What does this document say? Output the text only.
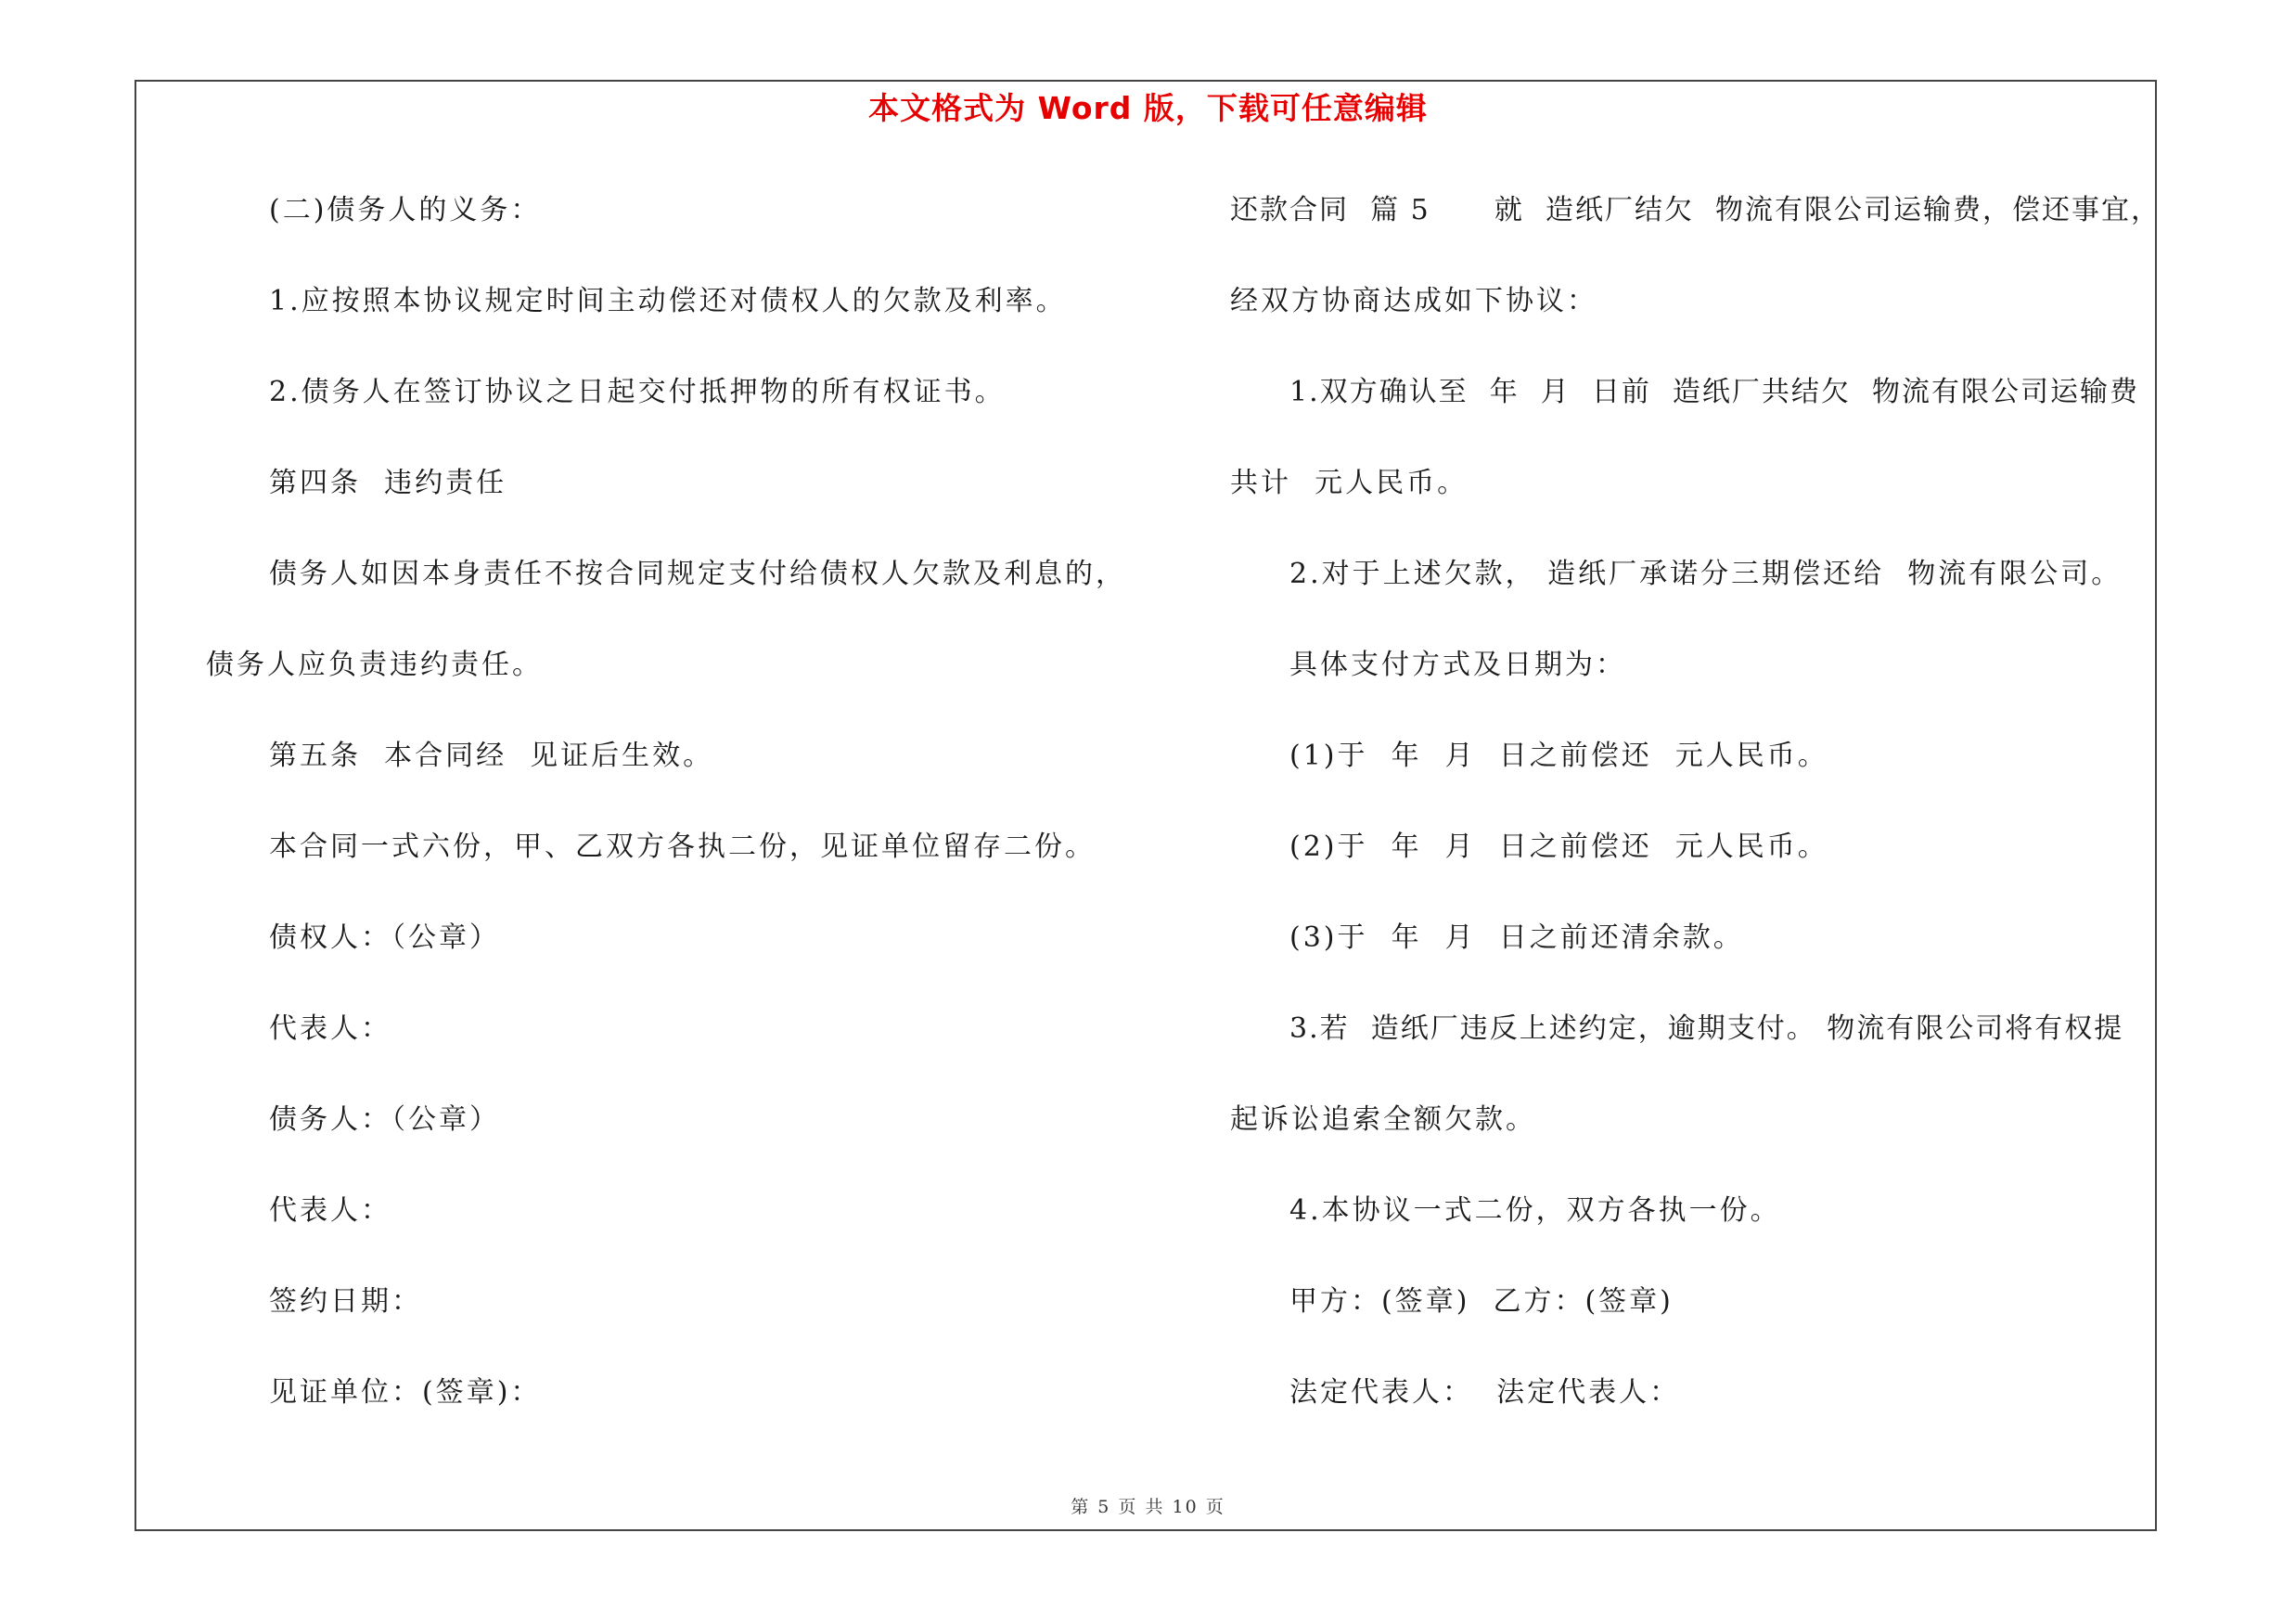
本文格式为 Word 版，下载可任意编辑
(二)债务人的义务：
1.应按照本协议规定时间主动偿还对债权人的欠款及利率。
2.债务人在签订协议之日起交付抵押物的所有权证书。
第四条  违约责任
债务人如因本身责任不按合同规定支付给债权人欠款及利息的，
债务人应负责违约责任。
第五条  本合同经  见证后生效。
本合同一式六份，甲、乙双方各执二份，见证单位留存二份。
债权人：（公章）
代表人：
债务人：（公章）
代表人：
签约日期：
见证单位：(签章)：
还款合同  篇 5      就  造纸厂结欠  物流有限公司运输费，偿还事宜，
经双方协商达成如下协议：
1.双方确认至  年  月  日前  造纸厂共结欠  物流有限公司运输费
共计  元人民币。
2.对于上述欠款， 造纸厂承诺分三期偿还给  物流有限公司。
具体支付方式及日期为：
(1)于  年  月  日之前偿还  元人民币。
(2)于  年  月  日之前偿还  元人民币。
(3)于  年  月  日之前还清余款。
3.若  造纸厂违反上述约定，逾期支付。 物流有限公司将有权提
起诉讼追索全额欠款。
4.本协议一式二份，双方各执一份。
甲方：(签章)  乙方：(签章)
法定代表人：  法定代表人：
第 5 页 共 10 页
